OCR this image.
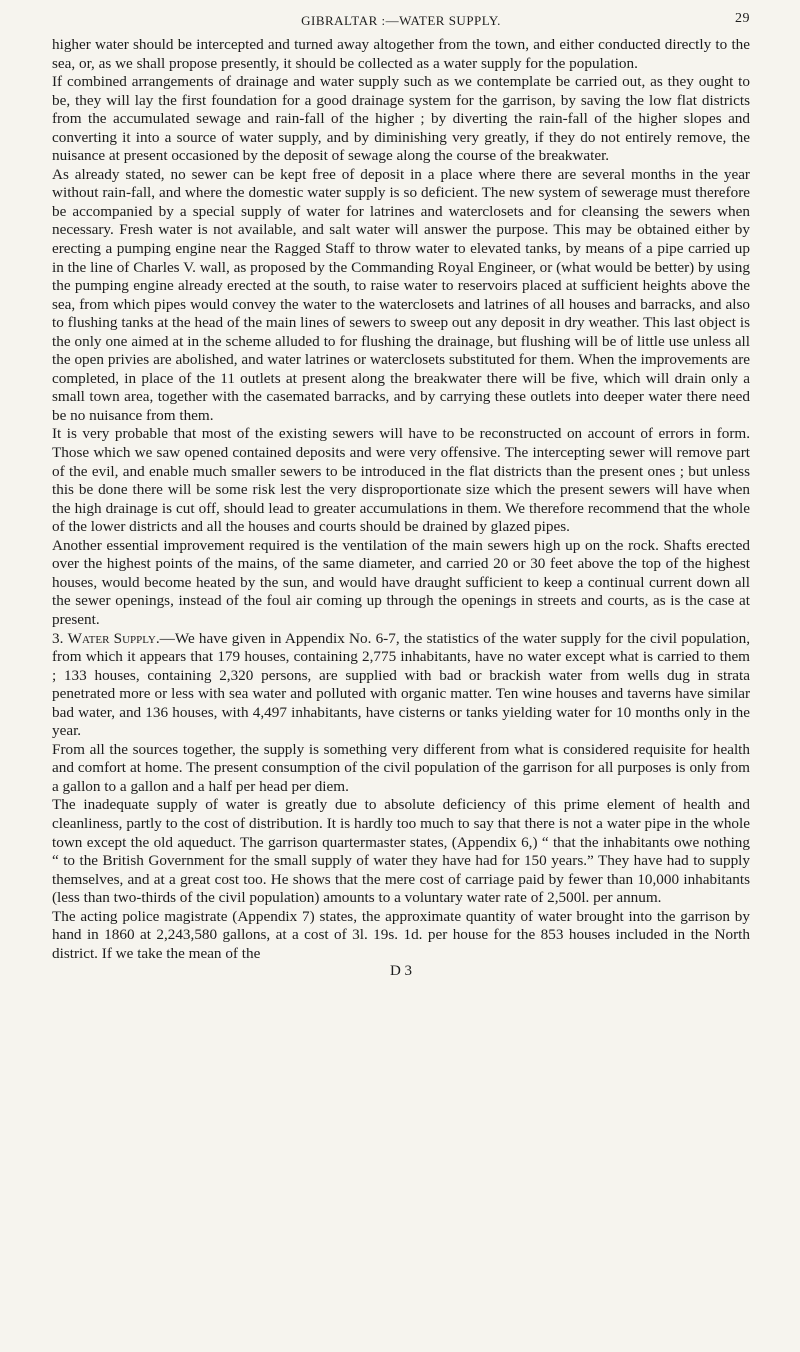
GIBRALTAR :—WATER SUPPLY.	29

higher water should be intercepted and turned away altogether from the town, and either conducted directly to the sea, or, as we shall propose presently, it should be collected as a water supply for the population.

If combined arrangements of drainage and water supply such as we contemplate be carried out, as they ought to be, they will lay the first foundation for a good drainage system for the garrison, by saving the low flat districts from the accumulated sewage and rain-fall of the higher ; by diverting the rain-fall of the higher slopes and converting it into a source of water supply, and by diminishing very greatly, if they do not entirely remove, the nuisance at present occasioned by the deposit of sewage along the course of the breakwater.

As already stated, no sewer can be kept free of deposit in a place where there are several months in the year without rain-fall, and where the domestic water supply is so deficient. The new system of sewerage must therefore be accompanied by a special supply of water for latrines and waterclosets and for cleansing the sewers when necessary. Fresh water is not available, and salt water will answer the purpose. This may be obtained either by erecting a pumping engine near the Ragged Staff to throw water to elevated tanks, by means of a pipe carried up in the line of Charles V. wall, as proposed by the Commanding Royal Engineer, or (what would be better) by using the pumping engine already erected at the south, to raise water to reservoirs placed at sufficient heights above the sea, from which pipes would convey the water to the waterclosets and latrines of all houses and barracks, and also to flushing tanks at the head of the main lines of sewers to sweep out any deposit in dry weather. This last object is the only one aimed at in the scheme alluded to for flushing the drainage, but flushing will be of little use unless all the open privies are abolished, and water latrines or waterclosets substituted for them. When the improvements are completed, in place of the 11 outlets at present along the breakwater there will be five, which will drain only a small town area, together with the casemated barracks, and by carrying these outlets into deeper water there need be no nuisance from them.

It is very probable that most of the existing sewers will have to be reconstructed on account of errors in form. Those which we saw opened contained deposits and were very offensive. The intercepting sewer will remove part of the evil, and enable much smaller sewers to be introduced in the flat districts than the present ones ; but unless this be done there will be some risk lest the very disproportionate size which the present sewers will have when the high drainage is cut off, should lead to greater accumulations in them. We therefore recommend that the whole of the lower districts and all the houses and courts should be drained by glazed pipes.

Another essential improvement required is the ventilation of the main sewers high up on the rock. Shafts erected over the highest points of the mains, of the same diameter, and carried 20 or 30 feet above the top of the highest houses, would become heated by the sun, and would have draught sufficient to keep a continual current down all the sewer openings, instead of the foul air coming up through the openings in streets and courts, as is the case at present.

3. Water Supply.—We have given in Appendix No. 6-7, the statistics of the water supply for the civil population, from which it appears that 179 houses, containing 2,775 inhabitants, have no water except what is carried to them ; 133 houses, containing 2,320 persons, are supplied with bad or brackish water from wells dug in strata penetrated more or less with sea water and polluted with organic matter. Ten wine houses and taverns have similar bad water, and 136 houses, with 4,497 inhabitants, have cisterns or tanks yielding water for 10 months only in the year.

From all the sources together, the supply is something very different from what is considered requisite for health and comfort at home. The present consumption of the civil population of the garrison for all purposes is only from a gallon to a gallon and a half per head per diem.

The inadequate supply of water is greatly due to absolute deficiency of this prime element of health and cleanliness, partly to the cost of distribution. It is hardly too much to say that there is not a water pipe in the whole town except the old aqueduct. The garrison quartermaster states, (Appendix 6,) “ that the inhabitants owe nothing “ to the British Government for the small supply of water they have had for 150 years.” They have had to supply themselves, and at a great cost too. He shows that the mere cost of carriage paid by fewer than 10,000 inhabitants (less than two-thirds of the civil population) amounts to a voluntary water rate of 2,500l. per annum.

The acting police magistrate (Appendix 7) states, the approximate quantity of water brought into the garrison by hand in 1860 at 2,243,580 gallons, at a cost of 3l. 19s. 1d. per house for the 853 houses included in the North district. If we take the mean of the

D 3
